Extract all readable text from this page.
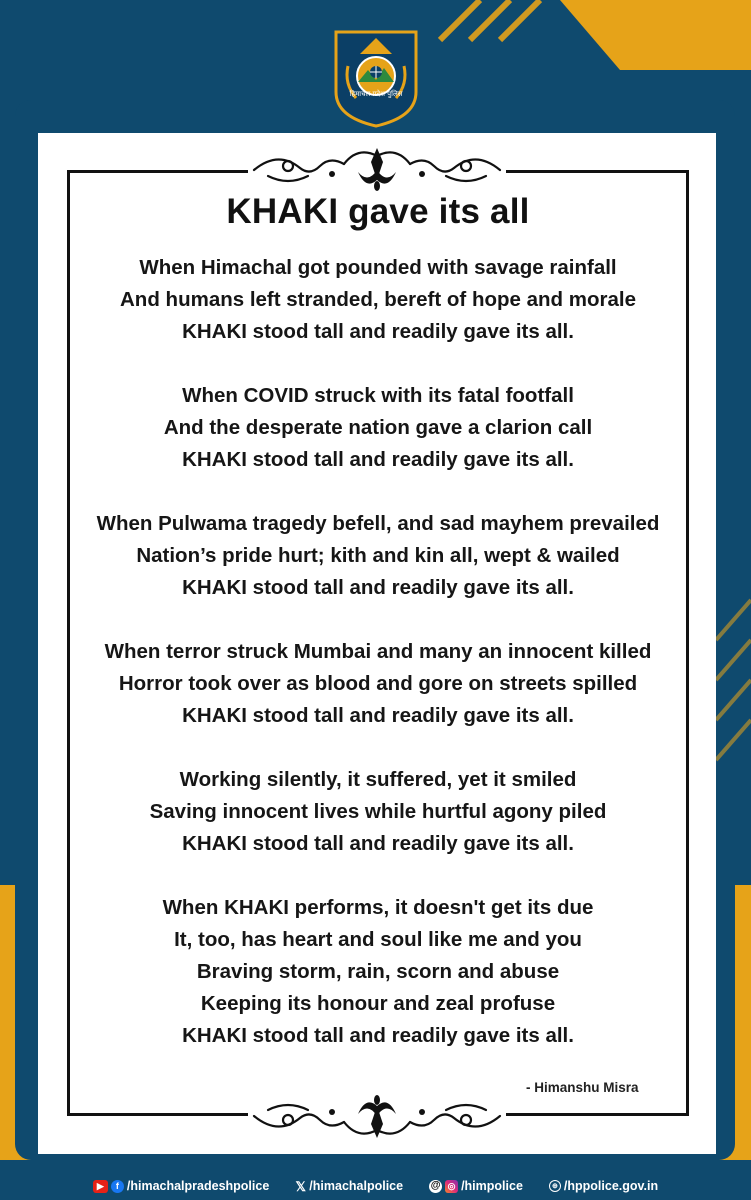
हिमाचल प्रदेश पुलिस
KHAKI gave its all
When Himachal got pounded with savage rainfall
And humans left stranded, bereft of hope and morale
KHAKI stood tall and readily gave its all.
When COVID struck with its fatal footfall
And the desperate nation gave a clarion call
KHAKI stood tall and readily gave its all.
When Pulwama tragedy befell, and sad mayhem prevailed
Nation’s pride hurt; kith and kin all, wept & wailed
KHAKI stood tall and readily gave its all.
When terror struck Mumbai and many an innocent killed
Horror took over as blood and gore on streets spilled
KHAKI stood tall and readily gave its all.
Working silently, it suffered, yet it smiled
Saving innocent lives while hurtful agony piled
KHAKI stood tall and readily gave its all.
When KHAKI performs, it doesn't get its due
It, too, has heart and soul like me and you
Braving storm, rain, scorn and abuse
Keeping its honour and zeal profuse
KHAKI stood tall and readily gave its all.
- Himanshu Misra
▶	f /himachalpradeshpolice 𝕏 /himachalpolice	@ ◎ /himpolice	⊕ /hppolice.gov.in
